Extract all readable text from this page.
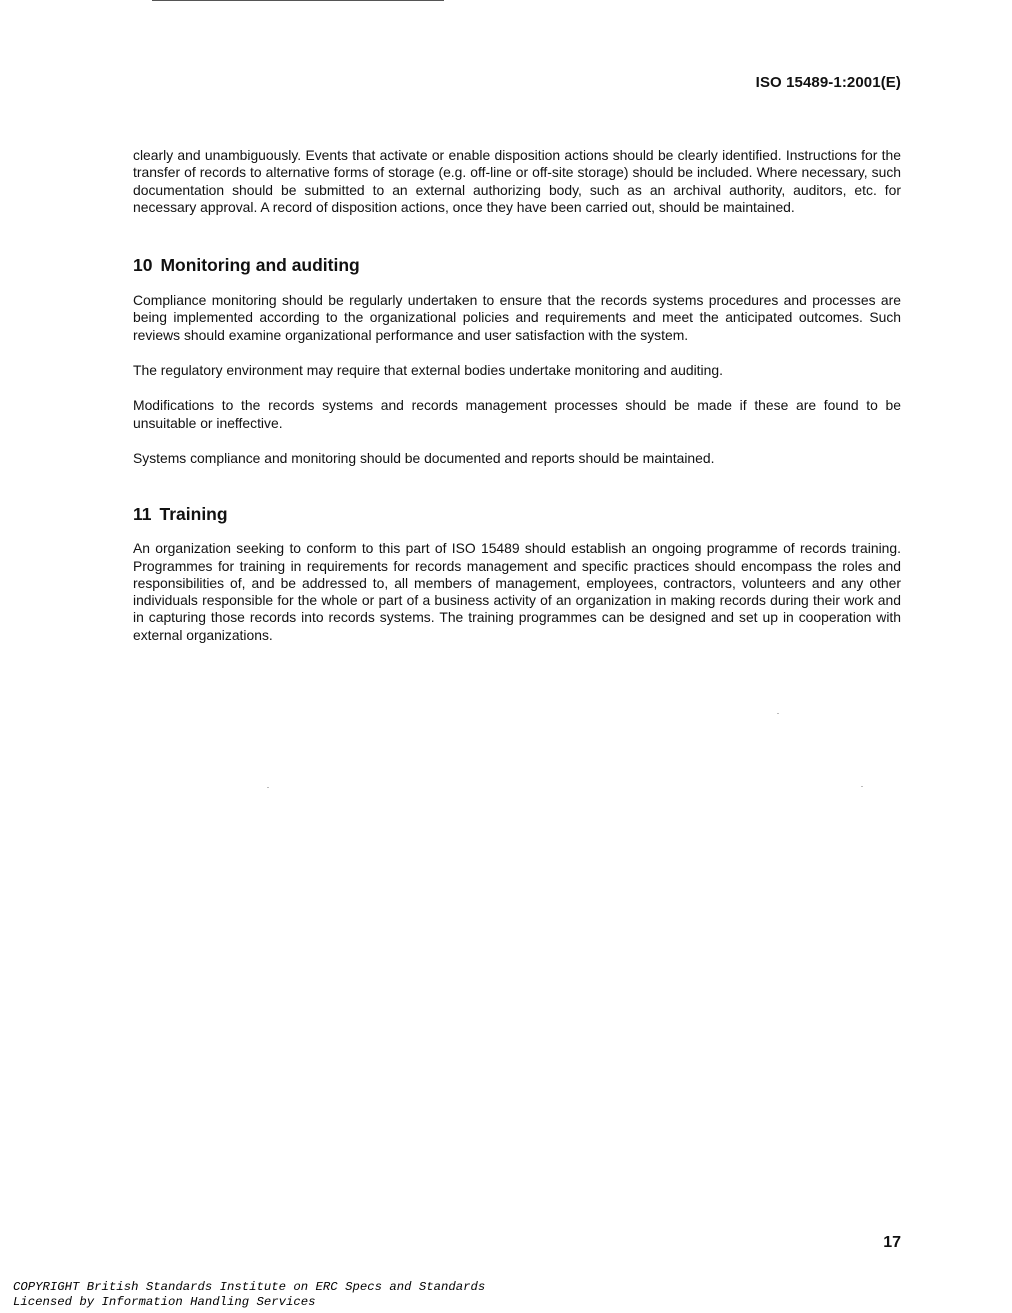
ISO 15489-1:2001(E)

clearly and unambiguously. Events that activate or enable disposition actions should be clearly identified. Instructions for the transfer of records to alternative forms of storage (e.g. off-line or off-site storage) should be included. Where necessary, such documentation should be submitted to an external authorizing body, such as an archival authority, auditors, etc. for necessary approval. A record of disposition actions, once they have been carried out, should be maintained.

10 Monitoring and auditing

Compliance monitoring should be regularly undertaken to ensure that the records systems procedures and processes are being implemented according to the organizational policies and requirements and meet the anticipated outcomes. Such reviews should examine organizational performance and user satisfaction with the system.

The regulatory environment may require that external bodies undertake monitoring and auditing.

Modifications to the records systems and records management processes should be made if these are found to be unsuitable or ineffective.

Systems compliance and monitoring should be documented and reports should be maintained.

11 Training

An organization seeking to conform to this part of ISO 15489 should establish an ongoing programme of records training. Programmes for training in requirements for records management and specific practices should encompass the roles and responsibilities of, and be addressed to, all members of management, employees, contractors, volunteers and any other individuals responsible for the whole or part of a business activity of an organization in making records during their work and in capturing those records into records systems. The training programmes can be designed and set up in cooperation with external organizations.

17
COPYRIGHT British Standards Institute on ERC Specs and Standards
Licensed by Information Handling Services
